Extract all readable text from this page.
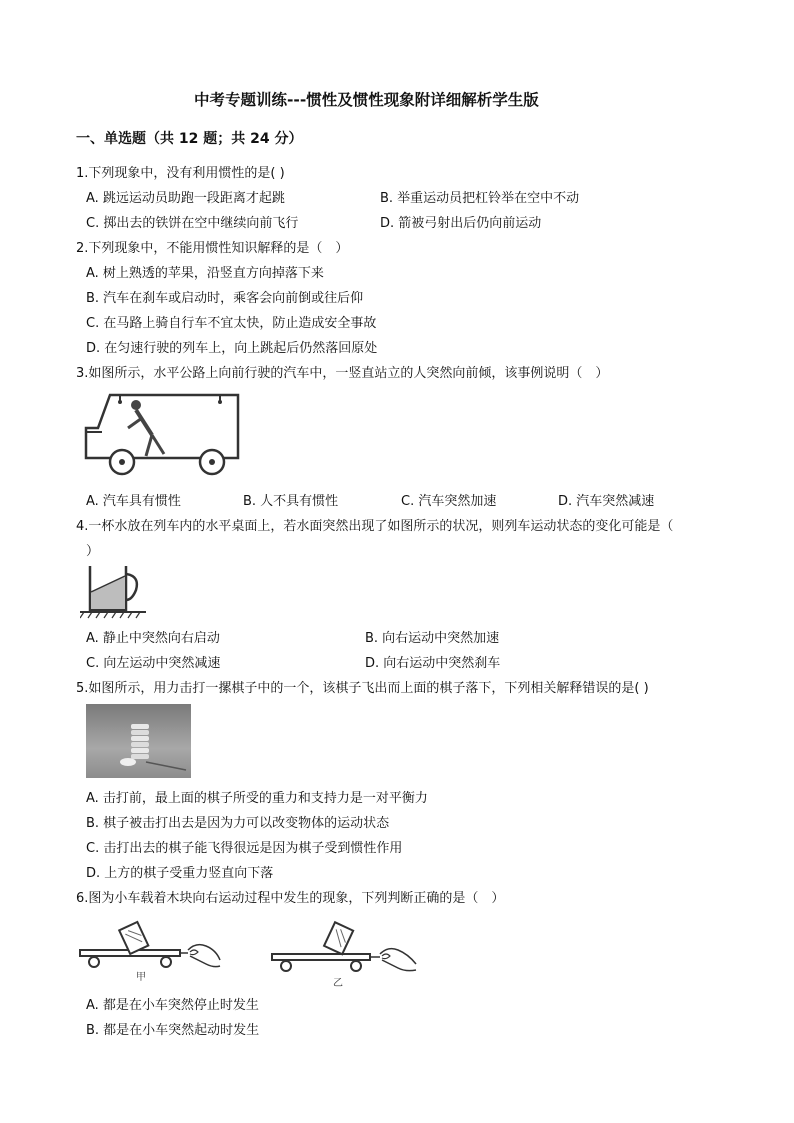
中考专题训练---惯性及惯性现象附详细解析学生版
一、单选题（共 12 题；共 24 分）
1.下列现象中，没有利用惯性的是( )
A. 跳远运动员助跑一段距离才起跳	B. 举重运动员把杠铃举在空中不动
C. 掷出去的铁饼在空中继续向前飞行	D. 箭被弓射出后仍向前运动
2.下列现象中，不能用惯性知识解释的是（　）
A. 树上熟透的苹果，沿竖直方向掉落下来
B. 汽车在刹车或启动时，乘客会向前倒或往后仰
C. 在马路上骑自行车不宜太快，防止造成安全事故
D. 在匀速行驶的列车上，向上跳起后仍然落回原处
3.如图所示，水平公路上向前行驶的汽车中，一竖直站立的人突然向前倾，该事例说明（　）
A. 汽车具有惯性	B. 人不具有惯性	C. 汽车突然加速	D. 汽车突然减速
4.一杯水放在列车内的水平桌面上，若水面突然出现了如图所示的状况，则列车运动状态的变化可能是（
）
A. 静止中突然向右启动	B. 向右运动中突然加速
C. 向左运动中突然减速	D. 向右运动中突然刹车
5.如图所示，用力击打一摞棋子中的一个，该棋子飞出而上面的棋子落下，下列相关解释错误的是( )
A. 击打前，最上面的棋子所受的重力和支持力是一对平衡力
B. 棋子被击打出去是因为力可以改变物体的运动状态
C. 击打出去的棋子能飞得很远是因为棋子受到惯性作用
D. 上方的棋子受重力竖直向下落
6.图为小车载着木块向右运动过程中发生的现象，下列判断正确的是（　）
甲
乙
A. 都是在小车突然停止时发生
B. 都是在小车突然起动时发生
